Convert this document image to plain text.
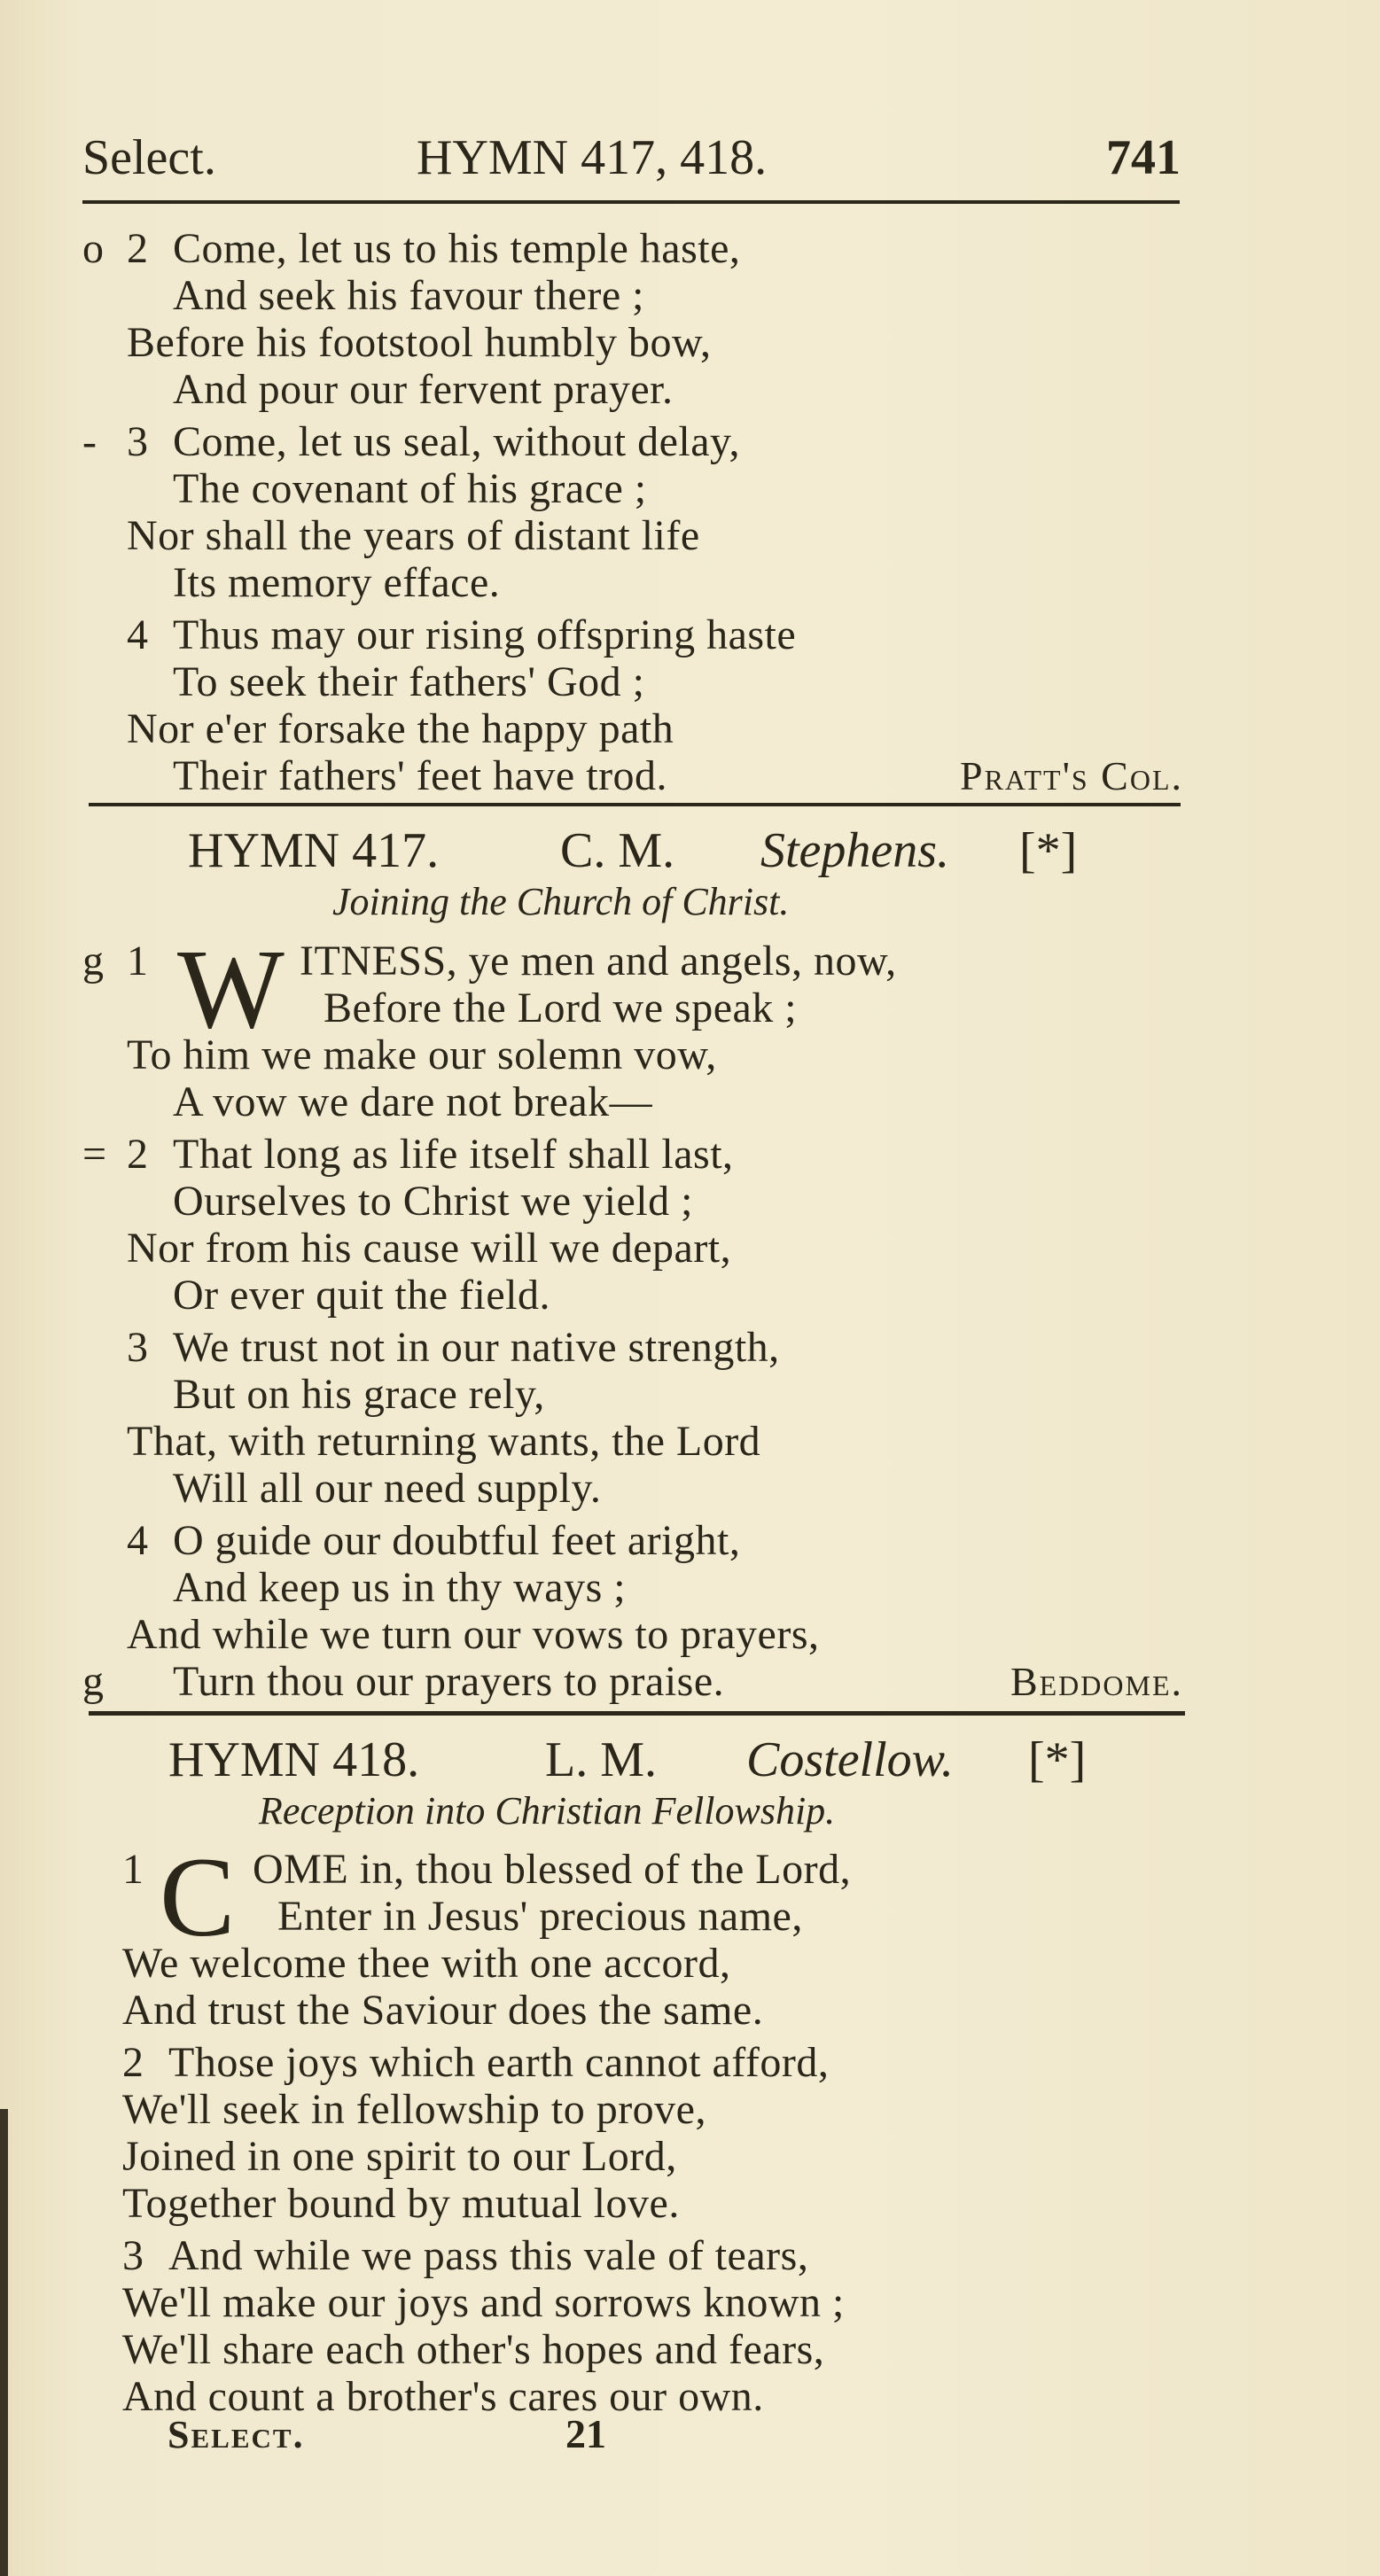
Select.	HYMN 417, 418.	741
o 2 Come, let us to his temple haste,
And seek his favour there ;
Before his footstool humbly bow,
And pour our fervent prayer.
- 3 Come, let us seal, without delay,
The covenant of his grace ;
Nor shall the years of distant life
Its memory efface.
4 Thus may our rising offspring haste
To seek their fathers' God ;
Nor e'er forsake the happy path
Their fathers' feet have trod.	Pratt's Col.
HYMN 417. C. M. Stephens. [*]
Joining the Church of Christ.
g 1 W ITNESS, ye men and angels, now,
Before the Lord we speak ;
To him we make our solemn vow,
A vow we dare not break—
= 2 That long as life itself shall last,
Ourselves to Christ we yield ;
Nor from his cause will we depart,
Or ever quit the field.
3 We trust not in our native strength,
But on his grace rely,
That, with returning wants, the Lord
Will all our need supply.
4 O guide our doubtful feet aright,
And keep us in thy ways ;
And while we turn our vows to prayers,
g Turn thou our prayers to praise.	Beddome.
HYMN 418.	L. M. Costellow. [*]
Reception into Christian Fellowship.
1 C OME in, thou blessed of the Lord,
Enter in Jesus' precious name,
We welcome thee with one accord,
And trust the Saviour does the same.
2 Those joys which earth cannot afford,
We'll seek in fellowship to prove,
Joined in one spirit to our Lord,
Together bound by mutual love.
3 And while we pass this vale of tears,
We'll make our joys and sorrows known ;
We'll share each other's hopes and fears,
And count a brother's cares our own.
Select.	21
